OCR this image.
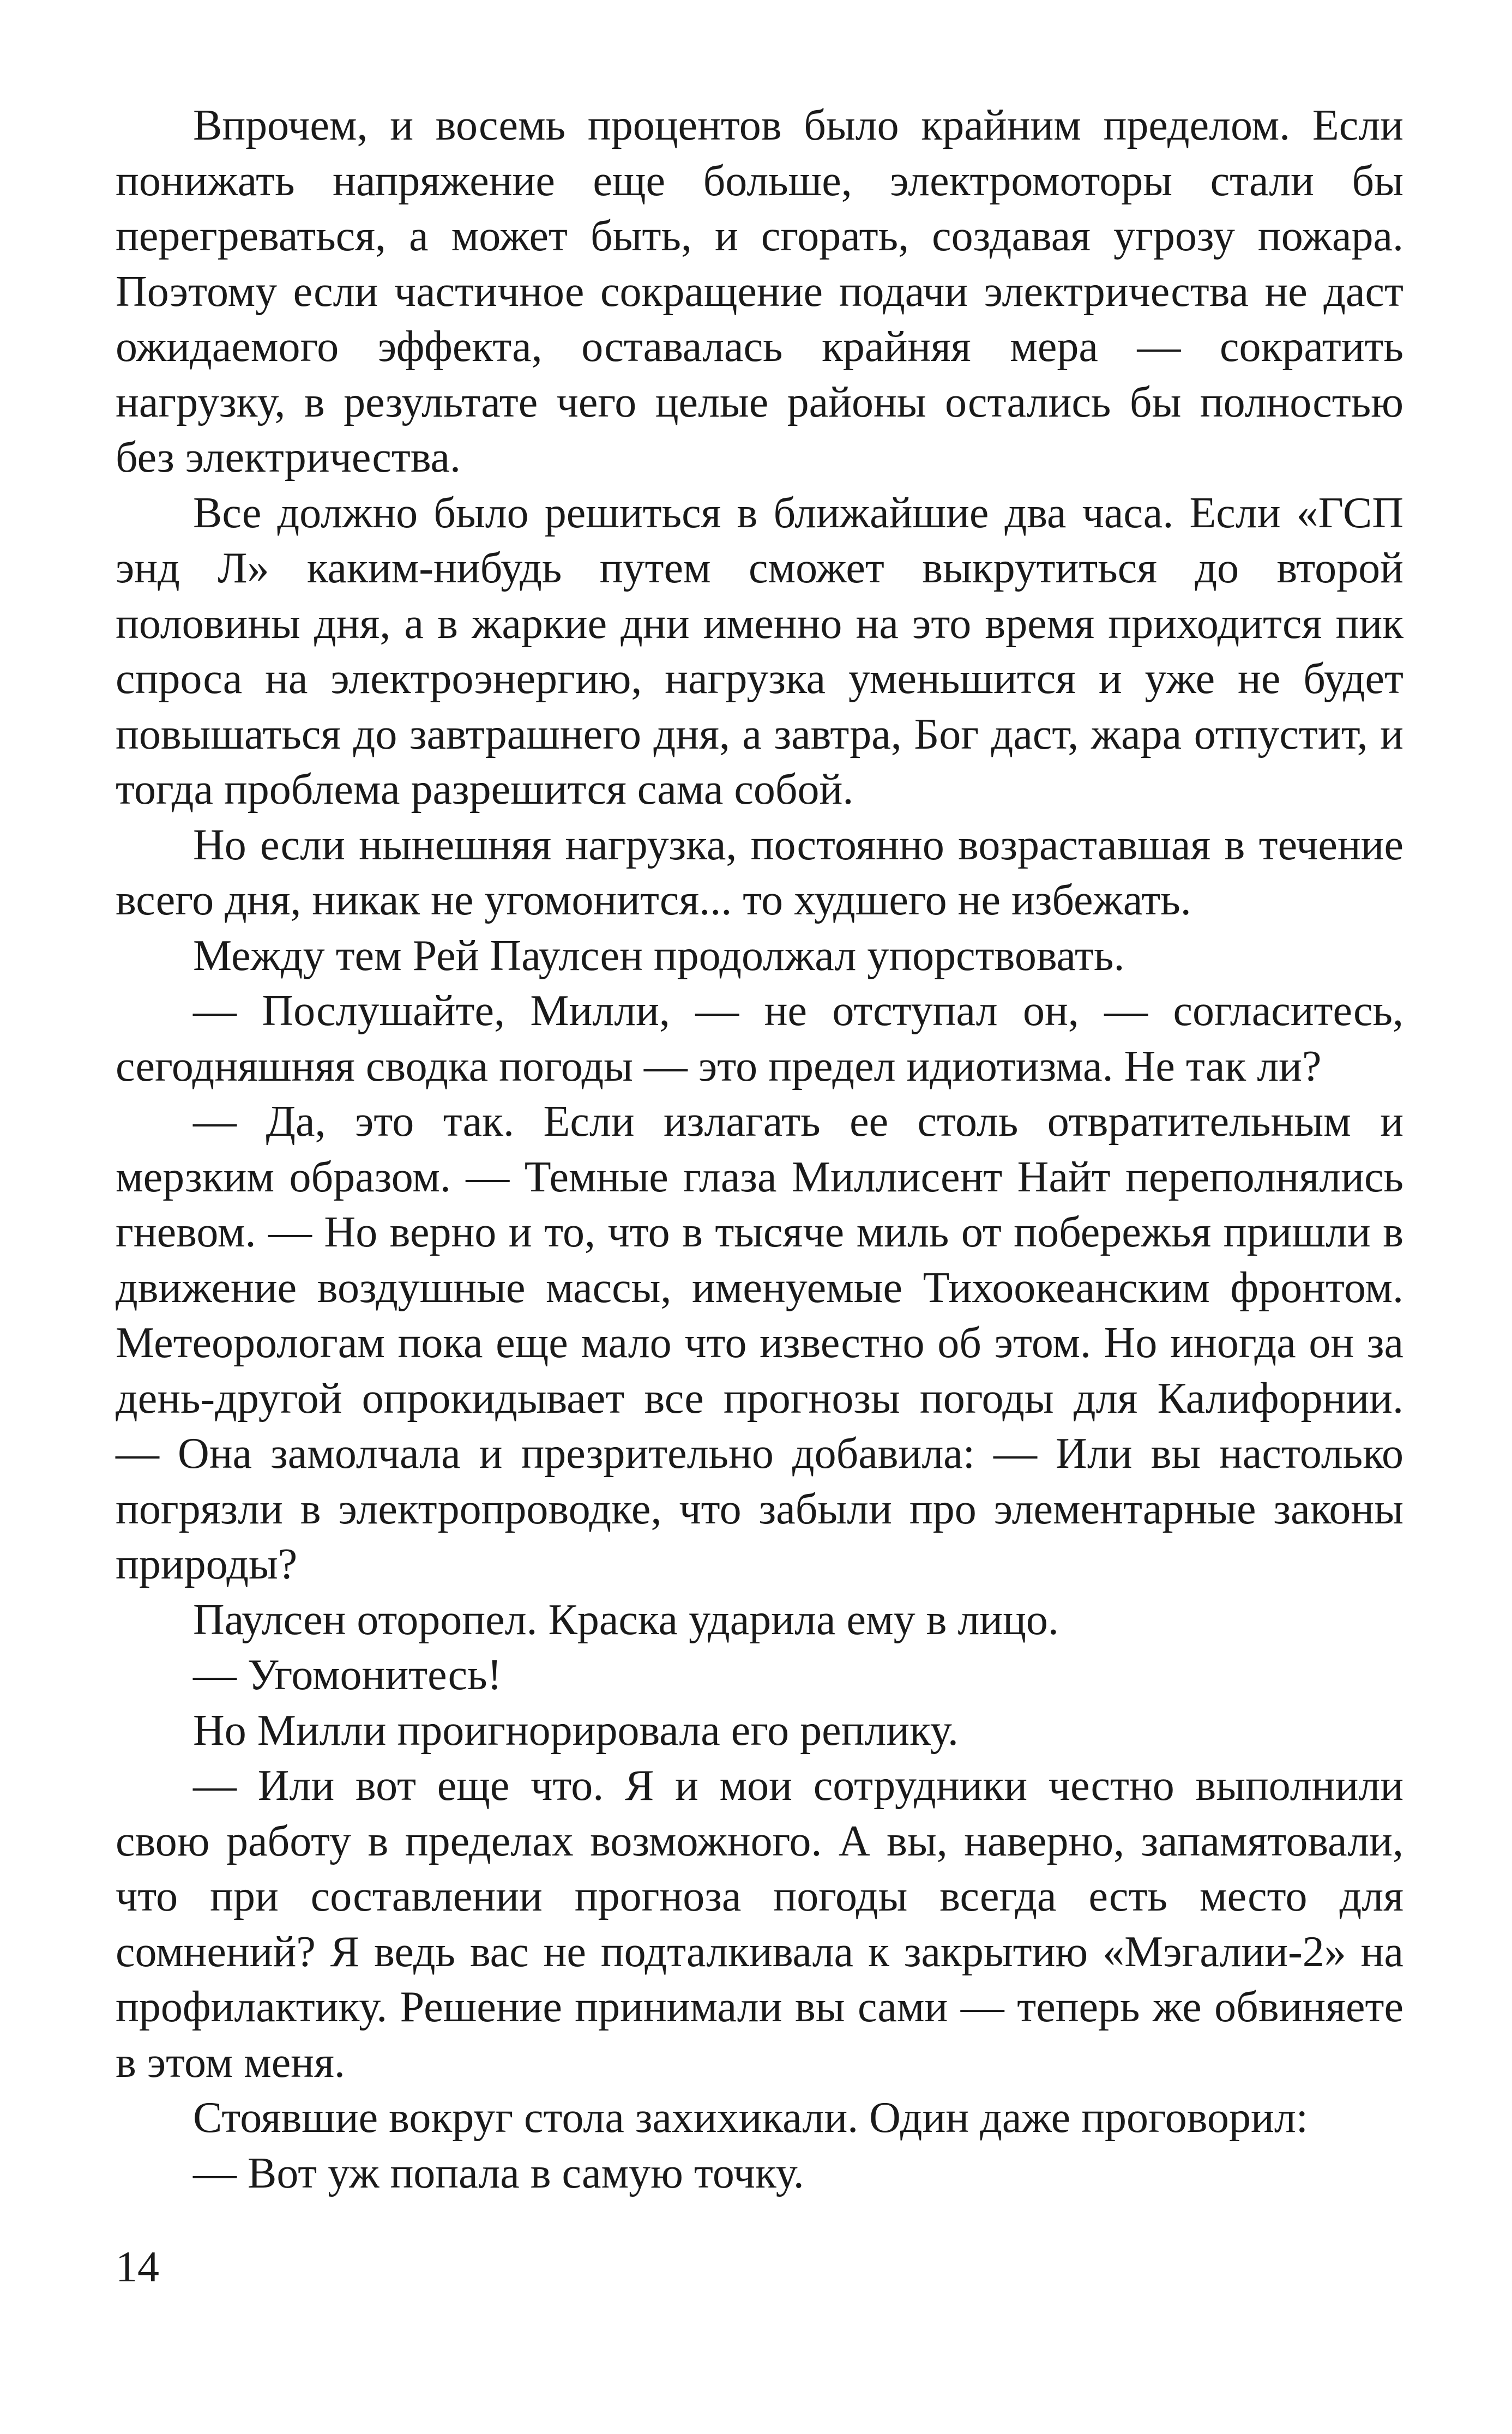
Впрочем, и восемь процентов было крайним пределом. Если понижать напряжение еще больше, электромоторы стали бы перегреваться, а может быть, и сгорать, создавая угрозу пожара. Поэтому если частичное сокращение подачи электричества не даст ожидаемого эффекта, оставалась крайняя мера — сократить нагрузку, в результате чего целые районы остались бы полностью без электричества.

Все должно было решиться в ближайшие два часа. Если «ГСП энд Л» каким-нибудь путем сможет выкрутиться до второй половины дня, а в жаркие дни именно на это время приходится пик спроса на электроэнергию, нагрузка уменьшится и уже не будет повышаться до завтрашнего дня, а завтра, Бог даст, жара отпустит, и тогда проблема разрешится сама собой.

Но если нынешняя нагрузка, постоянно возраставшая в течение всего дня, никак не угомонится... то худшего не избежать.

Между тем Рей Паулсен продолжал упорствовать.

— Послушайте, Милли, — не отступал он, — согласитесь, сегодняшняя сводка погоды — это предел идиотизма. Не так ли?

— Да, это так. Если излагать ее столь отвратительным и мерзким образом. — Темные глаза Миллисент Найт переполнялись гневом. — Но верно и то, что в тысяче миль от побережья пришли в движение воздушные массы, именуемые Тихоокеанским фронтом. Метеорологам пока еще мало что известно об этом. Но иногда он за день-другой опрокидывает все прогнозы погоды для Калифорнии. — Она замолчала и презрительно добавила: — Или вы настолько погрязли в электропроводке, что забыли про элементарные законы природы?

Паулсен оторопел. Краска ударила ему в лицо.

— Угомонитесь!

Но Милли проигнорировала его реплику.

— Или вот еще что. Я и мои сотрудники честно выполнили свою работу в пределах возможного. А вы, наверно, запамятовали, что при составлении прогноза погоды всегда есть место для сомнений? Я ведь вас не подталкивала к закрытию «Мэгалии-2» на профилактику. Решение принимали вы сами — теперь же обвиняете в этом меня.

Стоявшие вокруг стола захихикали. Один даже проговорил:

— Вот уж попала в самую точку.

14
